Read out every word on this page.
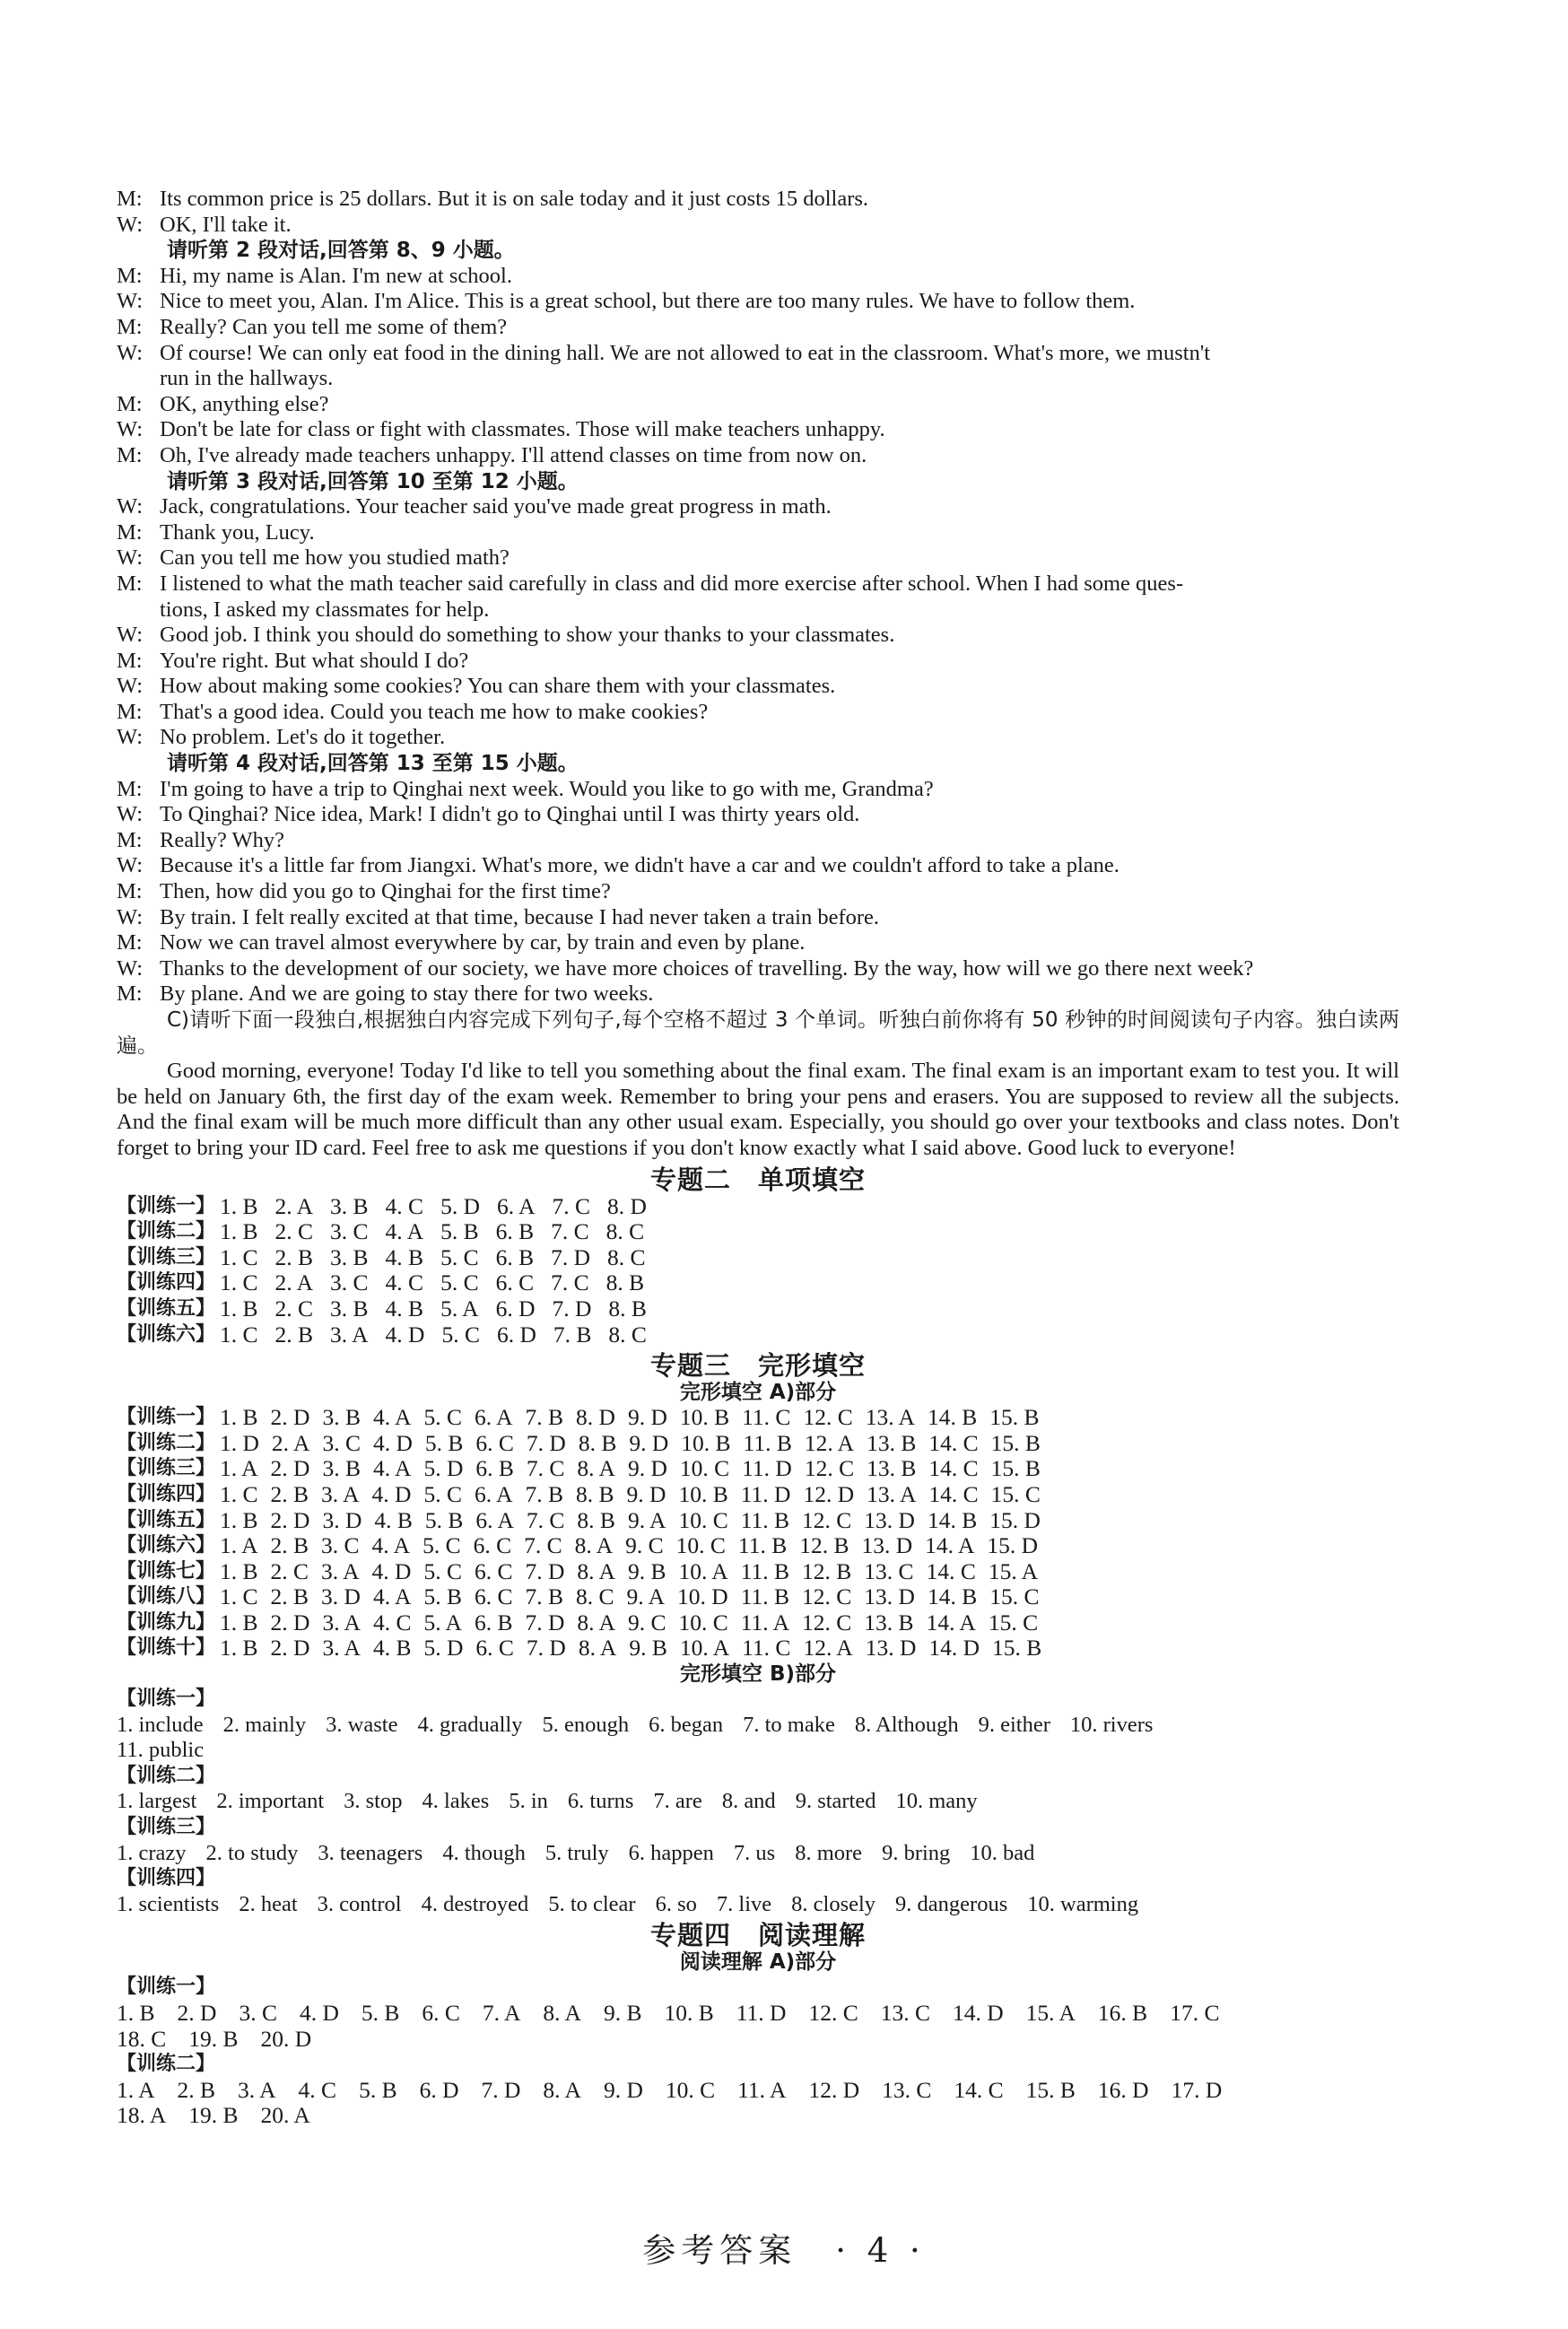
M: Its common price is 25 dollars. But it is on sale today and it just costs 15 dollars.
W: OK, I'll take it.
请听第 2 段对话,回答第 8、9 小题。
M: Hi, my name is Alan. I'm new at school.
W: Nice to meet you, Alan. I'm Alice. This is a great school, but there are too many rules. We have to follow them.
M: Really? Can you tell me some of them?
W: Of course! We can only eat food in the dining hall. We are not allowed to eat in the classroom. What's more, we mustn't
run in the hallways.
M: OK, anything else?
W: Don't be late for class or fight with classmates. Those will make teachers unhappy.
M: Oh, I've already made teachers unhappy. I'll attend classes on time from now on.
请听第 3 段对话,回答第 10 至第 12 小题。
W: Jack, congratulations. Your teacher said you've made great progress in math.
M: Thank you, Lucy.
W: Can you tell me how you studied math?
M: I listened to what the math teacher said carefully in class and did more exercise after school. When I had some ques-
tions, I asked my classmates for help.
W: Good job. I think you should do something to show your thanks to your classmates.
M: You're right. But what should I do?
W: How about making some cookies? You can share them with your classmates.
M: That's a good idea. Could you teach me how to make cookies?
W: No problem. Let's do it together.
请听第 4 段对话,回答第 13 至第 15 小题。
M: I'm going to have a trip to Qinghai next week. Would you like to go with me, Grandma?
W: To Qinghai? Nice idea, Mark! I didn't go to Qinghai until I was thirty years old.
M: Really? Why?
W: Because it's a little far from Jiangxi. What's more, we didn't have a car and we couldn't afford to take a plane.
M: Then, how did you go to Qinghai for the first time?
W: By train. I felt really excited at that time, because I had never taken a train before.
M: Now we can travel almost everywhere by car, by train and even by plane.
W: Thanks to the development of our society, we have more choices of travelling. By the way, how will we go there next week?
M: By plane. And we are going to stay there for two weeks.
C)请听下面一段独白,根据独白内容完成下列句子,每个空格不超过 3 个单词。听独白前你将有 50 秒钟的时间阅读句子内容。独白读两遍。
Good morning, everyone! Today I'd like to tell you something about the final exam. The final exam is an important exam to test you. It will be held on January 6th, the first day of the exam week. Remember to bring your pens and erasers. You are supposed to review all the subjects. And the final exam will be much more difficult than any other usual exam. Especially, you should go over your textbooks and class notes. Don't forget to bring your ID card. Feel free to ask me questions if you don't know exactly what I said above. Good luck to everyone!
专题二　单项填空
【训练一】 1. B 2. A 3. B 4. C 5. D 6. A 7. C 8. D
【训练二】 1. B 2. C 3. C 4. A 5. B 6. B 7. C 8. C
【训练三】 1. C 2. B 3. B 4. B 5. C 6. B 7. D 8. C
【训练四】 1. C 2. A 3. C 4. C 5. C 6. C 7. C 8. B
【训练五】 1. B 2. C 3. B 4. B 5. A 6. D 7. D 8. B
【训练六】 1. C 2. B 3. A 4. D 5. C 6. D 7. B 8. C
专题三　完形填空
完形填空 A)部分
【训练一】 1. B 2. D 3. B 4. A 5. C 6. A 7. B 8. D 9. D 10. B 11. C 12. C 13. A 14. B 15. B
【训练二】 1. D 2. A 3. C 4. D 5. B 6. C 7. D 8. B 9. D 10. B 11. B 12. A 13. B 14. C 15. B
【训练三】 1. A 2. D 3. B 4. A 5. D 6. B 7. C 8. A 9. D 10. C 11. D 12. C 13. B 14. C 15. B
【训练四】 1. C 2. B 3. A 4. D 5. C 6. A 7. B 8. B 9. D 10. B 11. D 12. D 13. A 14. C 15. C
【训练五】 1. B 2. D 3. D 4. B 5. B 6. A 7. C 8. B 9. A 10. C 11. B 12. C 13. D 14. B 15. D
【训练六】 1. A 2. B 3. C 4. A 5. C 6. C 7. C 8. A 9. C 10. C 11. B 12. B 13. D 14. A 15. D
【训练七】 1. B 2. C 3. A 4. D 5. C 6. C 7. D 8. A 9. B 10. A 11. B 12. B 13. C 14. C 15. A
【训练八】 1. C 2. B 3. D 4. A 5. B 6. C 7. B 8. C 9. A 10. D 11. B 12. C 13. D 14. B 15. C
【训练九】 1. B 2. D 3. A 4. C 5. A 6. B 7. D 8. A 9. C 10. C 11. A 12. C 13. B 14. A 15. C
【训练十】 1. B 2. D 3. A 4. B 5. D 6. C 7. D 8. A 9. B 10. A 11. C 12. A 13. D 14. D 15. B
完形填空 B)部分
【训练一】
1. include 2. mainly 3. waste 4. gradually 5. enough 6. began 7. to make 8. Although 9. either 10. rivers
11. public
【训练二】
1. largest 2. important 3. stop 4. lakes 5. in 6. turns 7. are 8. and 9. started 10. many
【训练三】
1. crazy 2. to study 3. teenagers 4. though 5. truly 6. happen 7. us 8. more 9. bring 10. bad
【训练四】
1. scientists 2. heat 3. control 4. destroyed 5. to clear 6. so 7. live 8. closely 9. dangerous 10. warming
专题四　阅读理解
阅读理解 A)部分
【训练一】
1. B 2. D 3. C 4. D 5. B 6. C 7. A 8. A 9. B 10. B 11. D 12. C 13. C 14. D 15. A 16. B 17. C
18. C 19. B 20. D
【训练二】
1. A 2. B 3. A 4. C 5. B 6. D 7. D 8. A 9. D 10. C 11. A 12. D 13. C 14. C 15. B 16. D 17. D
18. A 19. B 20. A
参考答案　· 4 ·
